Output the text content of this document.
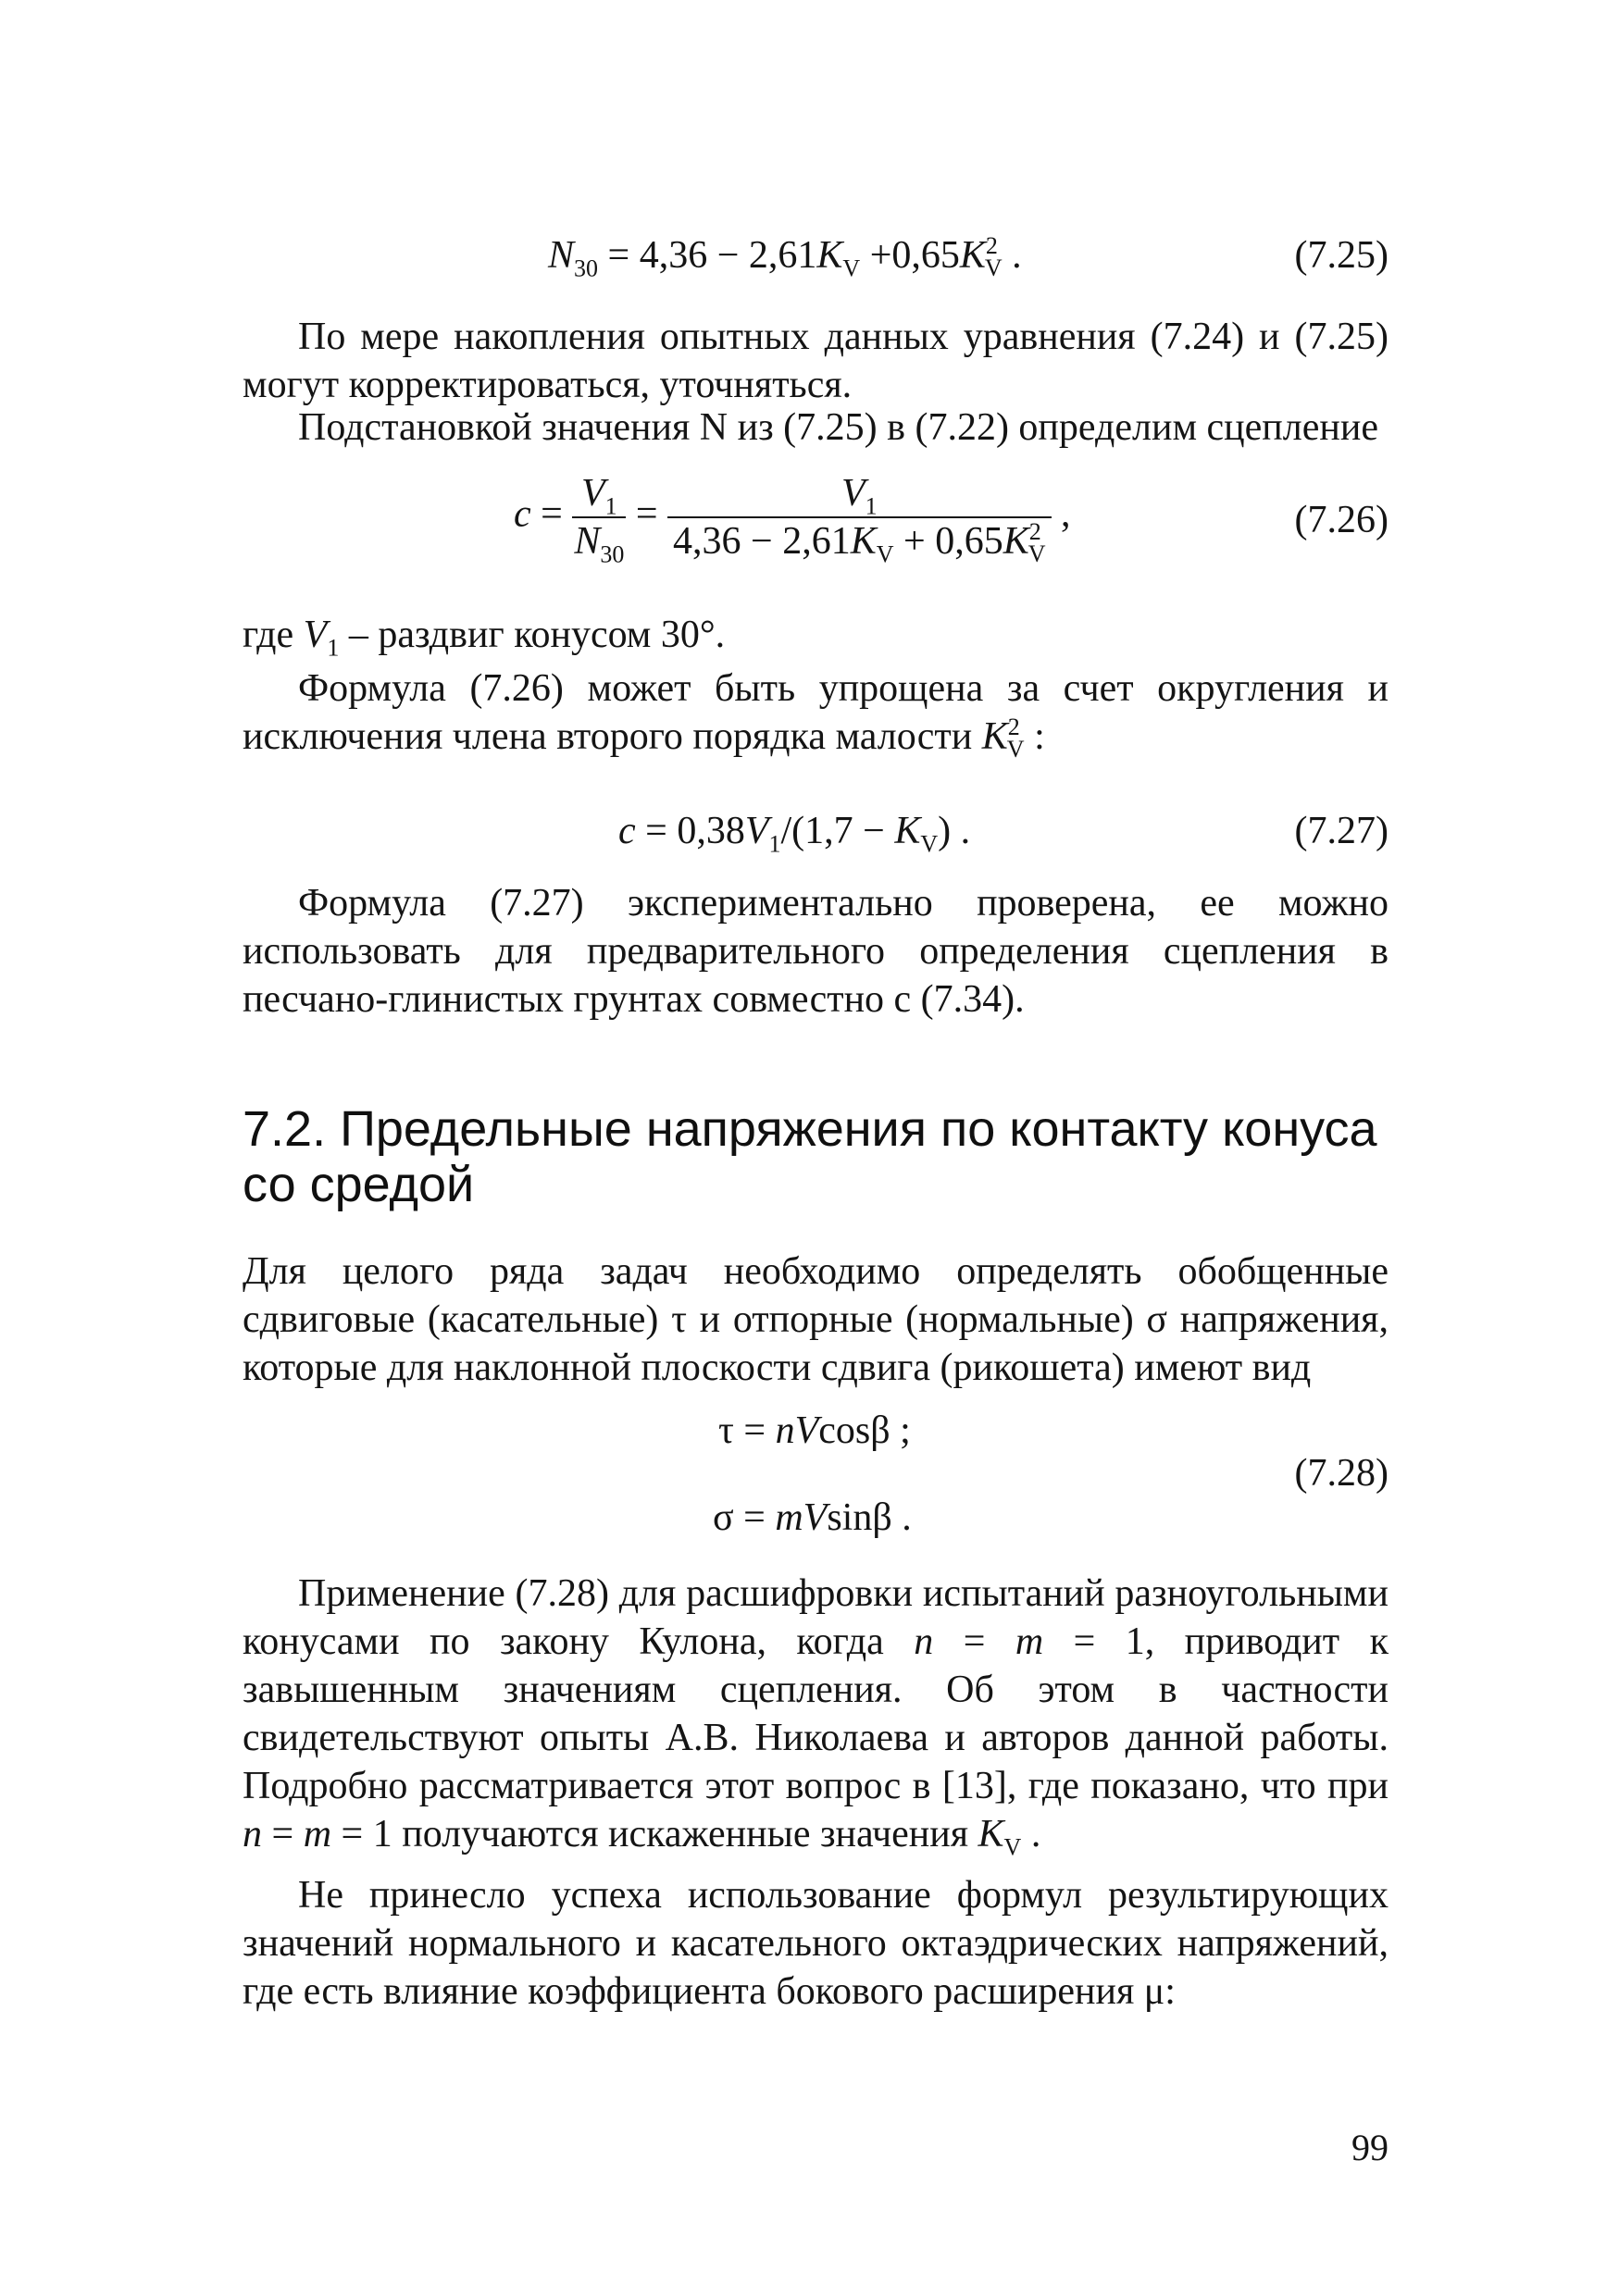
$N_{30} = 4,36 - 2,61K_V +0,65K^2_V$ .	(7.25)

По мере накопления опытных данных уравнения (7.24) и (7.25) могут корректироваться, уточняться.

Подстановкой значения N из (7.25) в (7.22) определим сцепление

$c = \frac{V_1}{N_{30}} = \frac{V_1}{4,36 - 2,61K_V + 0,65K^2_V}$ ,	(7.26)

где $V_1$ – раздвиг конусом 30°.

Формула (7.26) может быть упрощена за счет округления и исключения члена второго порядка малости $K^2_V$ :

$c = 0,38V_1/(1,7 - K_V)$ .	(7.27)

Формула (7.27) экспериментально проверена, ее можно использовать для предварительного определения сцепления в песчано-глинистых грунтах совместно с (7.34).

7.2. Предельные напряжения по контакту конуса со средой

Для целого ряда задач необходимо определять обобщенные сдвиговые (касательные) τ и отпорные (нормальные) σ напряжения, которые для наклонной плоскости сдвига (рикошета) имеют вид

τ = nVcosβ ;
σ = mVsinβ .
(7.28)

Применение (7.28) для расшифровки испытаний разноугольными конусами по закону Кулона, когда n = m = 1, приводит к завышенным значениям сцепления. Об этом в частности свидетельствуют опыты А.В. Николаева и авторов данной работы. Подробно рассматривается этот вопрос в [13], где показано, что при n = m = 1 получаются искаженные значения $K_V$ .

Не принесло успеха использование формул результирующих значений нормального и касательного октаэдрических напряжений, где есть влияние коэффициента бокового расширения μ:

99
